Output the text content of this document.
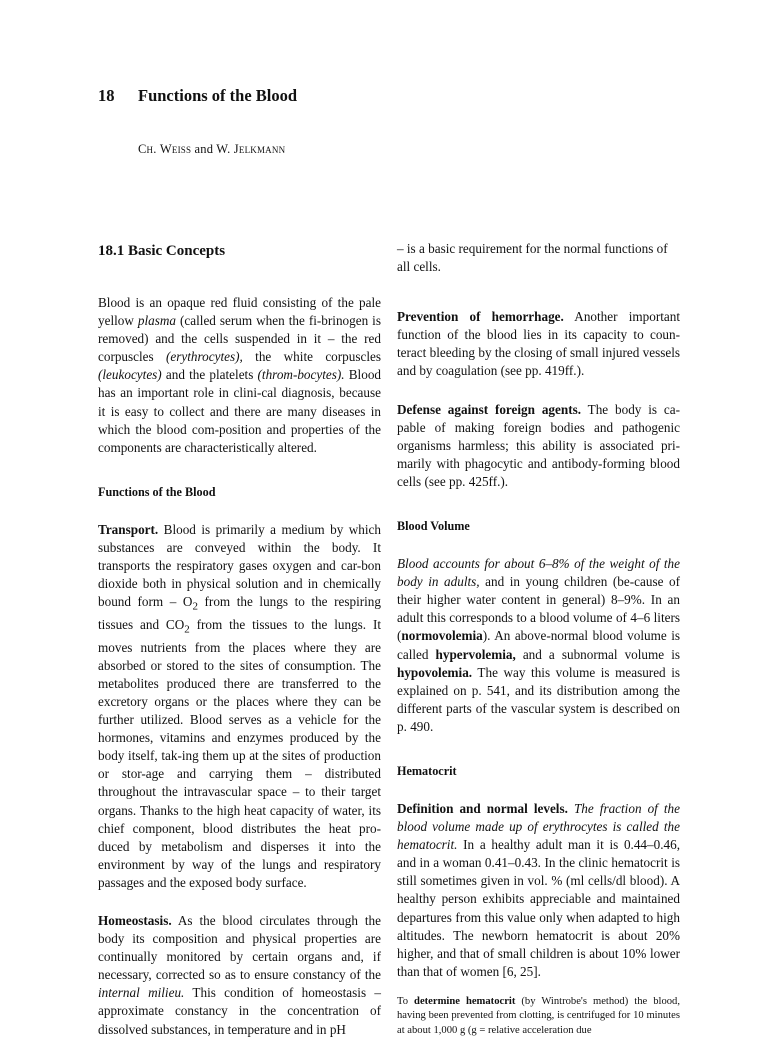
18 Functions of the Blood
Ch. Weiss and W. Jelkmann
18.1 Basic Concepts

Blood is an opaque red fluid consisting of the pale yellow plasma (called serum when the fi-brinogen is removed) and the cells suspended in it – the red corpuscles (erythrocytes), the white corpuscles (leukocytes) and the platelets (throm-bocytes). Blood has an important role in clini-cal diagnosis, because it is easy to collect and there are many diseases in which the blood com-position and properties of the components are characteristically altered.

Functions of the Blood

Transport. Blood is primarily a medium by which substances are conveyed within the body. It transports the respiratory gases oxygen and car-bon dioxide both in physical solution and in chemically bound form – $O_2$ from the lungs to the respiring tissues and $CO_2$ from the tissues to the lungs. It moves nutrients from the places where they are absorbed or stored to the sites of consumption. The metabolites produced there are transferred to the excretory organs or the places where they can be further utilized. Blood serves as a vehicle for the hormones, vitamins and enzymes produced by the body itself, tak-ing them up at the sites of production or stor-age and carrying them – distributed throughout the intravascular space – to their target organs. Thanks to the high heat capacity of water, its chief component, blood distributes the heat pro-duced by metabolism and disperses it into the environment by way of the lungs and respiratory passages and the exposed body surface.

Homeostasis. As the blood circulates through the body its composition and physical properties are continually monitored by certain organs and, if necessary, corrected so as to ensure constancy of the internal milieu. This condition of homeostasis – approximate constancy in the concentration of dissolved substances, in temperature and in pH

– is a basic requirement for the normal functions of all cells.

Prevention of hemorrhage. Another important function of the blood lies in its capacity to coun-teract bleeding by the closing of small injured vessels and by coagulation (see pp. 419ff.).

Defense against foreign agents. The body is ca-pable of making foreign bodies and pathogenic organisms harmless; this ability is associated pri-marily with phagocytic and antibody-forming blood cells (see pp. 425ff.).

Blood Volume

Blood accounts for about 6–8% of the weight of the body in adults, and in young children (be-cause of their higher water content in general) 8–9%. In an adult this corresponds to a blood volume of 4–6 liters (normovolemia). An above-normal blood volume is called hypervolemia, and a subnormal volume is hypovolemia. The way this volume is measured is explained on p. 541, and its distribution among the different parts of the vascular system is described on p. 490.

Hematocrit

Definition and normal levels. The fraction of the blood volume made up of erythrocytes is called the hematocrit. In a healthy adult man it is 0.44–0.46, and in a woman 0.41–0.43. In the clinic hematocrit is still sometimes given in vol. % (ml cells/dl blood). A healthy person exhibits appreciable and maintained departures from this value only when adapted to high altitudes. The newborn hematocrit is about 20% higher, and that of small children is about 10% lower than that of women [6, 25].

To determine hematocrit (by Wintrobe's method) the blood, having been prevented from clotting, is centrifuged for 10 minutes at about 1,000 g (g = relative acceleration due
